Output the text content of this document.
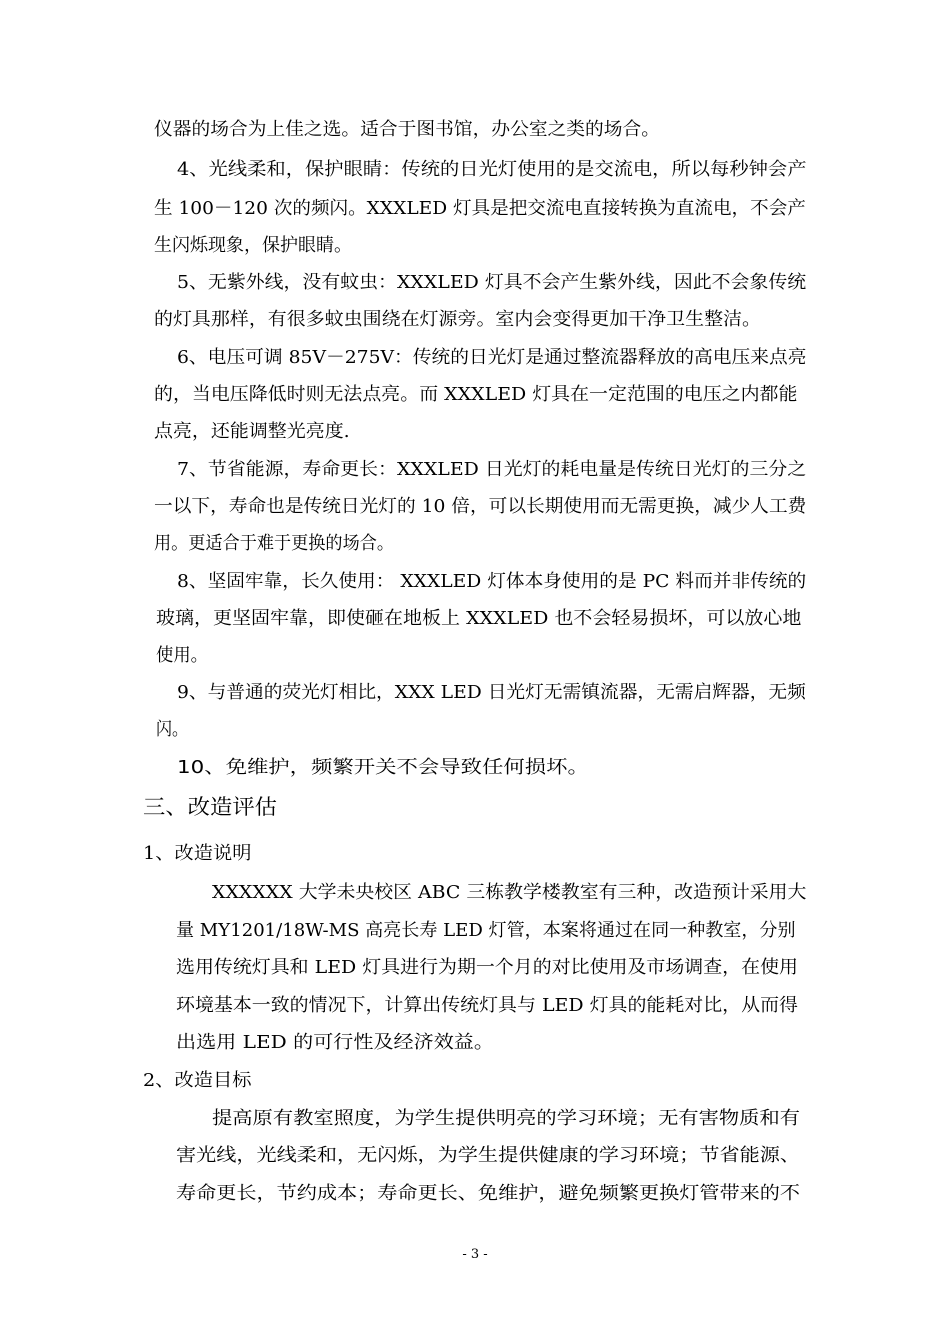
仪器的场合为上佳之选。适合于图书馆，办公室之类的场合。
4、光线柔和，保护眼睛：传统的日光灯使用的是交流电，所以每秒钟会产
生 100－120 次的频闪。XXXLED 灯具是把交流电直接转换为直流电，不会产
生闪烁现象，保护眼睛。
5、无紫外线，没有蚊虫：XXXLED 灯具不会产生紫外线，因此不会象传统
的灯具那样，有很多蚊虫围绕在灯源旁。室内会变得更加干净卫生整洁。
6、电压可调 85V－275V：传统的日光灯是通过整流器释放的高电压来点亮
的，当电压降低时则无法点亮。而 XXXLED 灯具在一定范围的电压之内都能
点亮，还能调整光亮度.
7、节省能源，寿命更长：XXXLED 日光灯的耗电量是传统日光灯的三分之
一以下，寿命也是传统日光灯的 10 倍，可以长期使用而无需更换，减少人工费
用。更适合于难于更换的场合。
8、坚固牢靠，长久使用： XXXLED 灯体本身使用的是 PC 料而并非传统的
玻璃，更坚固牢靠，即使砸在地板上 XXXLED 也不会轻易损坏，可以放心地
使用。
9、与普通的荧光灯相比，XXX LED 日光灯无需镇流器，无需启辉器，无频
闪。
10、免维护，频繁开关不会导致任何损坏。
三、改造评估
1、改造说明
XXXXXX 大学未央校区 ABC 三栋教学楼教室有三种，改造预计采用大
量 MY1201/18W-MS 高亮长寿 LED 灯管，本案将通过在同一种教室，分别
选用传统灯具和 LED 灯具进行为期一个月的对比使用及市场调查，在使用
环境基本一致的情况下，计算出传统灯具与 LED 灯具的能耗对比，从而得
出选用 LED 的可行性及经济效益。
2、改造目标
提高原有教室照度，为学生提供明亮的学习环境；无有害物质和有
害光线，光线柔和，无闪烁，为学生提供健康的学习环境；节省能源、
寿命更长，节约成本；寿命更长、免维护，避免频繁更换灯管带来的不
- 3 -
